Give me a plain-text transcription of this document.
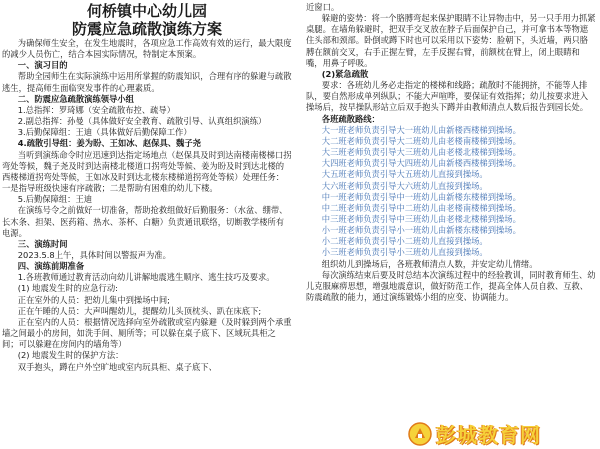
何桥镇中心幼儿园

防震应急疏散演练方案

为确保师生安全，在发生地震时，各项应急工作高效有效的运行，最大限度的减少人员伤亡，结合本园实际情况，特制定本预案。

一、演习目的

帮助全园师生在实际演练中运用所掌握的防震知识，合理有序的躲避与疏散逃生，提高师生面临突发事件的心理素质。

二、防震应急疏散演练领导小组

1.总指挥：罗琦娜（安全疏散布控、疏导）

2.副总指挥：孙曼（具体做好安全教育、疏散引导、认真组织演练）

3.后勤保障组：王迪（具体做好后勤保障工作）

4.疏散引导组：姜为盼、王如冰、赵保具、魏子尧

当听到演练命令时应迅速到达指定场地点（赵保具及时到达南楼南楼梯口拐弯处等候，魏子尧及时到达南楼北楼道口拐弯处等候、姜为盼及时到达北楼的西楼梯道拐弯处等候，王如冰及时到达北楼东楼梯道拐弯处等候）处理任务：一是指导班级快速有序疏散；二是帮助有困难的幼儿下楼。

5.后勤保障组：王迪

在演练号令之前做好一切准备，帮助抢救组做好后勤服务：（水盆、绷带、长木条、担架、医药箱、热水、茶杯、白糖）负责通讯联络，切断教学楼所有电源。

三、演练时间

2023.5.8上午，具体时间以警报声为准。

四、演练前期准备

1.各班教师通过教育活动向幼儿讲解地震逃生顺序、逃生技巧及要求。

(1) 地震发生时的应急行动:

正在室外的人员：把幼儿集中到操场中间;

正在午睡的人员：大声叫醒幼儿，提醒幼儿头顶枕头、趴在床底下;

正在室内的人员：根据情况选择向室外疏散或室内躲避（及时躲到两个承重墙之间最小的房间，如洗手间、厕所等；可以躲在桌子底下、区域玩具柜之间；可以躲避在房间内的墙角等）

(2) 地震发生时的保护方法：

双手抱头，蹲在户外空旷地或室内玩具柜、桌子底下、

近窗口。

躲避的姿势：将一个胳膊弯起来保护眼睛不让异物击中，另一只手用力抓紧桌腿。在墙角躲避时，把双手交叉放在脖子后面保护自己，并可拿书本等物遮住头部和颈部。卧倒或蹲下时也可以采用以下姿势：脸朝下，头近墙，两只胳膊在额前交叉，右手正握左臂，左手反握右臂，前额枕在臂上，闭上眼睛和嘴，用鼻子呼吸。

(2)紧急疏散

要求：各班幼儿务必走指定的楼梯和线路；疏散时不能拥挤，不能等人排队，要自然形成单列纵队；不能大声喧哗，要保证有效指挥；幼儿按要求进入操场后，按早操队形站立后双手抱头下蹲并由教师清点人数后报告到园长处。

各班疏散路线：

大一班老师负责引导大一班幼儿由新楼西楼梯到操场。

大二班老师负责引导大二班幼儿由老楼南楼梯到操场。

大三班老师负责引导大三班幼儿由老楼北楼梯到操场。

大四班老师负责引导大四班幼儿由新楼西楼梯到操场。

大五班老师负责引导大五班幼儿直接到操场。

大六班老师负责引导大六班幼儿直接到操场。

中一班老师负责引导中一班幼儿由新楼东楼梯到操场。

中二班老师负责引导中二班幼儿由老楼南楼梯到操场。

中三班老师负责引导中三班幼儿由老楼北楼梯到操场。

小一班老师负责引导小一班幼儿由新楼东楼梯到操场。

小二班老师负责引导小二班幼儿直接到操场。

小三班老师负责引导小三班幼儿直接到操场。

组织幼儿到操场后，各班教师清点人数，并安定幼儿情绪。

每次演练结束后要及时总结本次演练过程中的经验教训，同时教育师生、幼儿克服麻痹思想，增强地震意识，做好防范工作，提高全体人员自救、互救、防震疏散的能力，通过演练锻炼小组的应变、协调能力。

彭城教育网
